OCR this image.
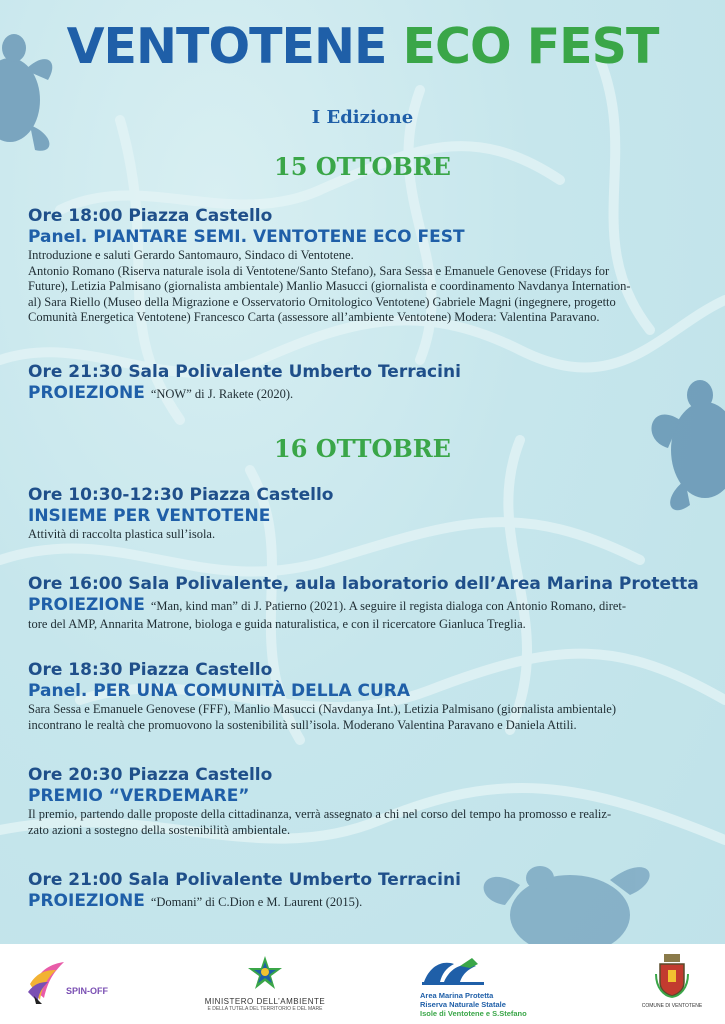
VENTOTENE ECO FEST
I Edizione
15 OTTOBRE
Ore 18:00 Piazza Castello
Panel. PIANTARE SEMI. VENTOTENE ECO FEST
Introduzione e saluti Gerardo Santomauro, Sindaco di Ventotene.
Antonio Romano (Riserva naturale isola di Ventotene/Santo Stefano), Sara Sessa e Emanuele Genovese (Fridays for
Future), Letizia Palmisano (giornalista ambientale) Manlio Masucci (giornalista e coordinamento Navdanya Internation-
al) Sara Riello (Museo della Migrazione e Osservatorio Ornitologico Ventotene) Gabriele Magni (ingegnere, progetto
Comunità Energetica Ventotene) Francesco Carta (assessore all’ambiente Ventotene) Modera: Valentina Paravano.
Ore 21:30 Sala Polivalente Umberto Terracini
PROIEZIONE “NOW” di J. Rakete (2020).
16 OTTOBRE
Ore 10:30-12:30 Piazza Castello
INSIEME PER VENTOTENE
Attività di raccolta plastica sull’isola.
Ore 16:00 Sala Polivalente, aula laboratorio dell’Area Marina Protetta
PROIEZIONE “Man, kind man” di J. Patierno (2021). A seguire il regista dialoga con Antonio Romano, diret-
tore del AMP, Annarita Matrone, biologa e guida naturalistica, e con il ricercatore Gianluca Treglia.
Ore 18:30 Piazza Castello
Panel. PER UNA COMUNITÀ DELLA CURA
Sara Sessa e Emanuele Genovese (FFF), Manlio Masucci (Navdanya Int.), Letizia Palmisano (giornalista ambientale)
incontrano le realtà che promuovono la sostenibilità sull’isola. Moderano Valentina Paravano e Daniela Attili.
Ore 20:30 Piazza Castello
PREMIO “VERDEMARE”
Il premio, partendo dalle proposte della cittadinanza, verrà assegnato a chi nel corso del tempo ha promosso e realiz-
zato azioni a sostegno della sostenibilità ambientale.
Ore 21:00 Sala Polivalente Umberto Terracini
PROIEZIONE “Domani” di C.Dion e M. Laurent (2015).
SPIN-OFF
MINISTERO DELL’AMBIENTE
E DELLA TUTELA DEL TERRITORIO E DEL MARE
Area Marina Protetta
Riserva Naturale Statale
Isole di Ventotene e S.Stefano
COMUNE DI VENTOTENE
